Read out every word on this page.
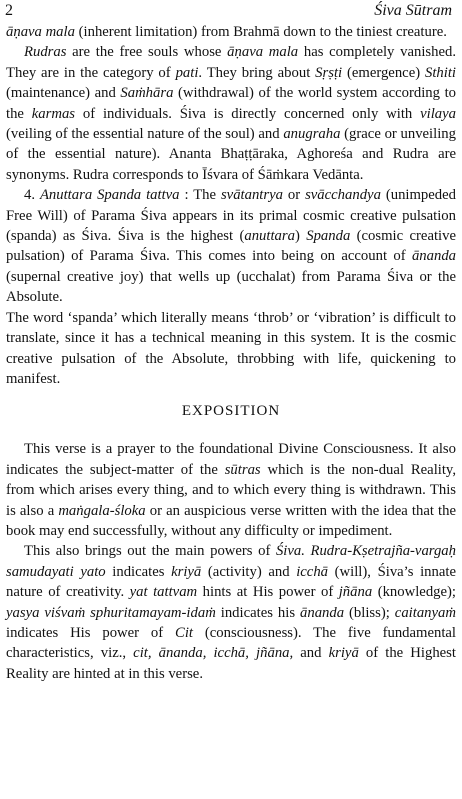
2	Śiva Sūtram

āṇava mala (inherent limitation) from Brahmā down to the tiniest creature.

Rudras are the free souls whose āṇava mala has completely vanished. They are in the category of pati. They bring about Sṛṣṭi (emergence) Sthiti (maintenance) and Saṁhāra (withdrawal) of the world system according to the karmas of individuals. Śiva is directly concerned only with vilaya (veiling of the essential nature of the soul) and anugraha (grace or unveiling of the essential nature). Ananta Bhaṭṭāraka, Aghoreśa and Rudra are synonyms. Rudra corresponds to Īśvara of Śāṁkara Vedānta.

4. Anuttara Spanda tattva : The svātantrya or svācchandya (unimpeded Free Will) of Parama Śiva appears in its primal cosmic creative pulsation (spanda) as Śiva. Śiva is the highest (anuttara) Spanda (cosmic creative pulsation) of Parama Śiva. This comes into being on account of ānanda (supernal creative joy) that wells up (ucchalat) from Parama Śiva or the Absolute.

The word ‘spanda’ which literally means ‘throb’ or ‘vibration’ is difficult to translate, since it has a technical meaning in this system. It is the cosmic creative pulsation of the Absolute, throbbing with life, quickening to manifest.

EXPOSITION

This verse is a prayer to the foundational Divine Consciousness. It also indicates the subject-matter of the sūtras which is the non-dual Reality, from which arises every thing, and to which every thing is withdrawn. This is also a maṅgala-śloka or an auspicious verse written with the idea that the book may end successfully, without any difficulty or impediment.

This also brings out the main powers of Śiva. Rudra-Kṣetrajña-vargaḥ samudayati yato indicates kriyā (activity) and icchā (will), Śiva’s innate nature of creativity. yat tattvam hints at His power of jñāna (knowledge); yasya viśvaṁ sphuritamayam-idaṁ indicates his ānanda (bliss); caitanyaṁ indicates His power of Cit (consciousness). The five fundamental characteristics, viz., cit, ānanda, icchā, jñāna, and kriyā of the Highest Reality are hinted at in this verse.
